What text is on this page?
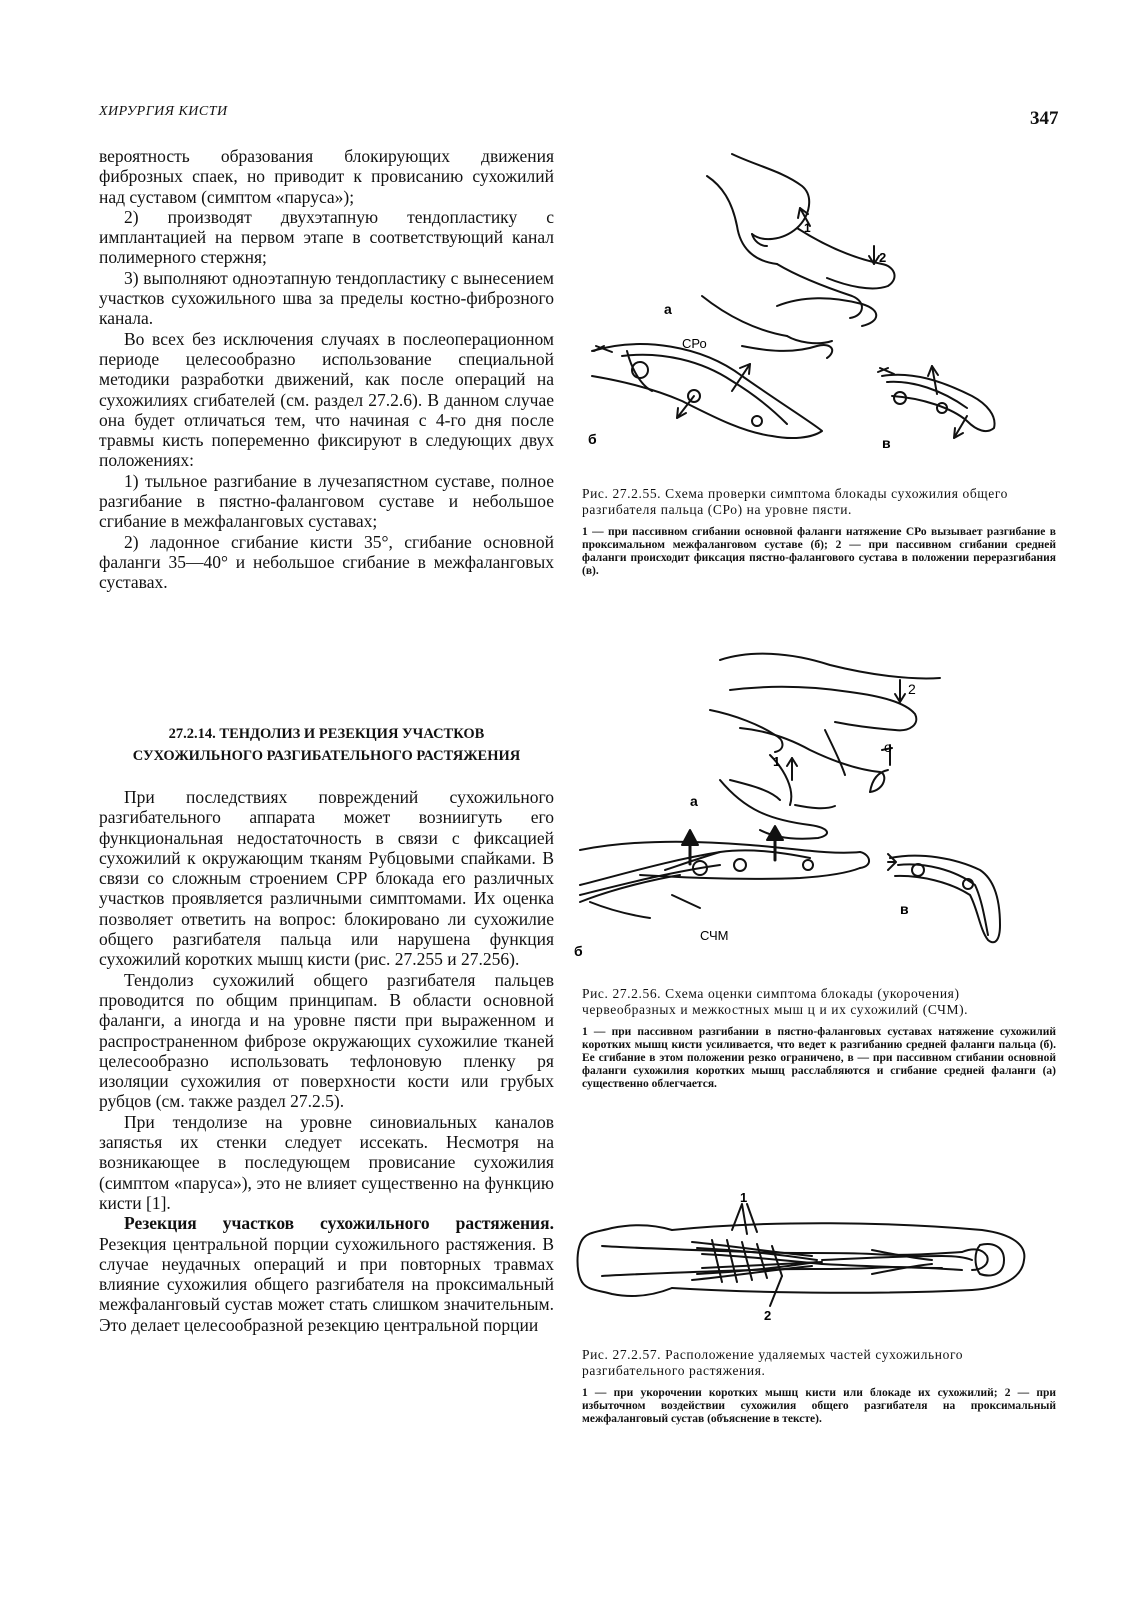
ХИРУРГИЯ КИСТИ	347

вероятность образования блокирующих движения фиброзных спаек, но приводит к провисанию сухожилий над суставом (симптом «паруса»);

2) производят двухэтапную тендопластику с имплантацией на первом этапе в соответствующий канал полимерного стержня;

3) выполняют одноэтапную тендопластику с вынесением участков сухожильного шва за пределы костно-фиброзного канала.

Во всех без исключения случаях в послеоперационном периоде целесообразно использование специальной методики разработки движений, как после операций на сухожилиях сгибателей (см. раздел 27.2.6). В данном случае она будет отличаться тем, что начиная с 4-го дня после травмы кисть попеременно фиксируют в следующих двух положениях:

1) тыльное разгибание в лучезапястном суставе, полное разгибание в пястно-фаланговом суставе и небольшое сгибание в межфаланговых суставах;

2) ладонное сгибание кисти 35°, сгибание основной фаланги 35—40° и небольшое сгибание в межфаланговых суставах.

27.2.14. ТЕНДОЛИЗ И РЕЗЕКЦИЯ УЧАСТКОВ
СУХОЖИЛЬНОГО РАЗГИБАТЕЛЬНОГО РАСТЯЖЕНИЯ

При последствиях повреждений сухожильного разгибательного аппарата может возниигуть его функциональная недостаточность в связи с фиксацией сухожилий к окружающим тканям Рубцовыми спайками. В связи со сложным строением СРР блокада его различных участков проявляется различными симптомами. Их оценка позволяет ответить на вопрос: блокировано ли сухожилие общего разгибателя пальца или нарушена функция сухожилий коротких мышц кисти (рис. 27.255 и 27.256).

Тендолиз сухожилий общего разгибателя пальцев проводится по общим принципам. В области основной фаланги, а иногда и на уровне пясти при выраженном и распространенном фиброзе окружающих сухожилие тканей целесообразно использовать тефлоновую пленку ря изоляции сухожилия от поверхности кости или грубых рубцов (см. также раздел 27.2.5).

При тендолизе на уровне синовиальных каналов запястья их стенки следует иссекать. Несмотря на возникающее в последующем провисание сухожилия (симптом «паруса»), это не влияет существенно на функцию кисти [1].

Резекция участков сухожильного растяжения. Резекция центральной порции сухожильного растяжения. В случае неудачных операций и при повторных травмах влияние сухожилия общего разгибателя на проксимальный межфаланговый сустав может стать слишком значительным. Это делает целесообразной резекцию центральной порции

1
2
а
СРо
б	в

Рис. 27.2.55. Схема проверки симптома блокады сухожилия общего разгибателя пальца (СРо) на уровне пясти.

1 — при пассивном сгибании основной фаланги натяжение СРо вызывает разгибание в проксимальном межфаланговом суставе (б); 2 — при пассивном сгибании средней фаланги происходит фиксация пястно-фалангового сустава в положении переразгибания (в).

1
2
о
а
СЧМ
б
в

Рис. 27.2.56. Схема оценки симптома блокады (укорочения) червеобразных и межкостных мыш ц и их сухожилий (СЧМ).

1 — при пассивном разгибании в пястно-фаланговых суставах натяжение сухожилий коротких мышц кисти усиливается, что ведет к разгибанию средней фаланги пальца (б). Ее сгибание в этом положении резко ограничено, в — при пассивном сгибании основной фаланги сухожилия коротких мышц расслабляются и сгибание средней фаланги (а) существенно облегчается.

1
2

Рис. 27.2.57. Расположение удаляемых частей сухожильного разгибательного растяжения.

1 — при укорочении коротких мышц кисти или блокаде их сухожилий; 2 — при избыточном воздействии сухожилия общего разгибателя на проксимальный межфаланговый сустав (объяснение в тексте).
